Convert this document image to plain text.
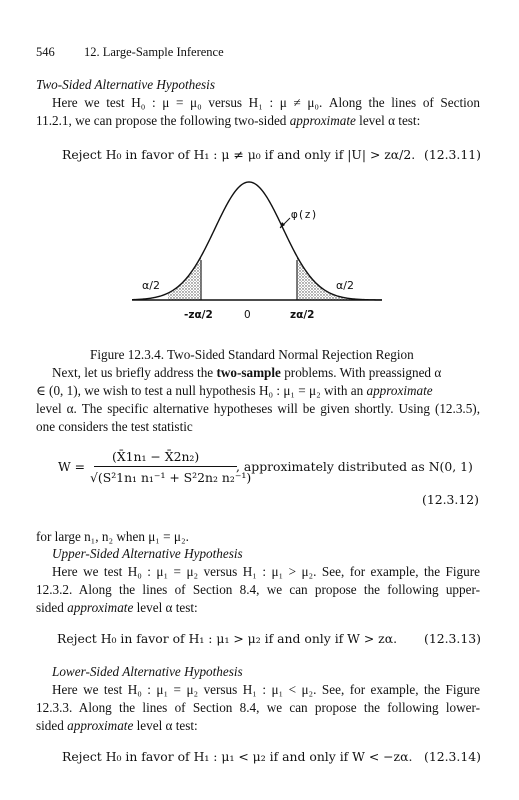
546 12. Large-Sample Inference
Two-Sided Alternative Hypothesis
Here we test H₀ : μ = μ₀ versus H₁ : μ ≠ μ₀. Along the lines of Section
11.2.1, we can propose the following two-sided approximate level α test:
Reject H₀ in favor of H₁ : μ ≠ μ₀ if and only if |U| > zα/2. (12.3.11)
φ(z)
α/2	α/2
-zα/2	0	zα/2
Figure 12.3.4. Two-Sided Standard Normal Rejection Region
Next, let us briefly address the two-sample problems. With preassigned α
∈ (0, 1), we wish to test a null hypothesis H₀ : μ₁ = μ₂ with an approximate
level α. The specific alternative hypotheses will be given shortly. Using (12.3.5),
one considers the test statistic
W =
(X̄1n₁ − X̄2n₂)
√(S²1n₁ n₁⁻¹ + S²2n₂ n₂⁻¹)
, approximately distributed as N(0, 1)
(12.3.12)
for large n₁, n₂ when μ₁ = μ₂.
Upper-Sided Alternative Hypothesis
Here we test H₀ : μ₁ = μ₂ versus H₁ : μ₁ > μ₂. See, for example, the Figure
12.3.2. Along the lines of Section 8.4, we can propose the following upper-
sided approximate level α test:
Reject H₀ in favor of H₁ : μ₁ > μ₂ if and only if W > zα. (12.3.13)
Lower-Sided Alternative Hypothesis
Here we test H₀ : μ₁ = μ₂ versus H₁ : μ₁ < μ₂. See, for example, the Figure
12.3.3. Along the lines of Section 8.4, we can propose the following lower-
sided approximate level α test:
Reject H₀ in favor of H₁ : μ₁ < μ₂ if and only if W < −zα. (12.3.14)
